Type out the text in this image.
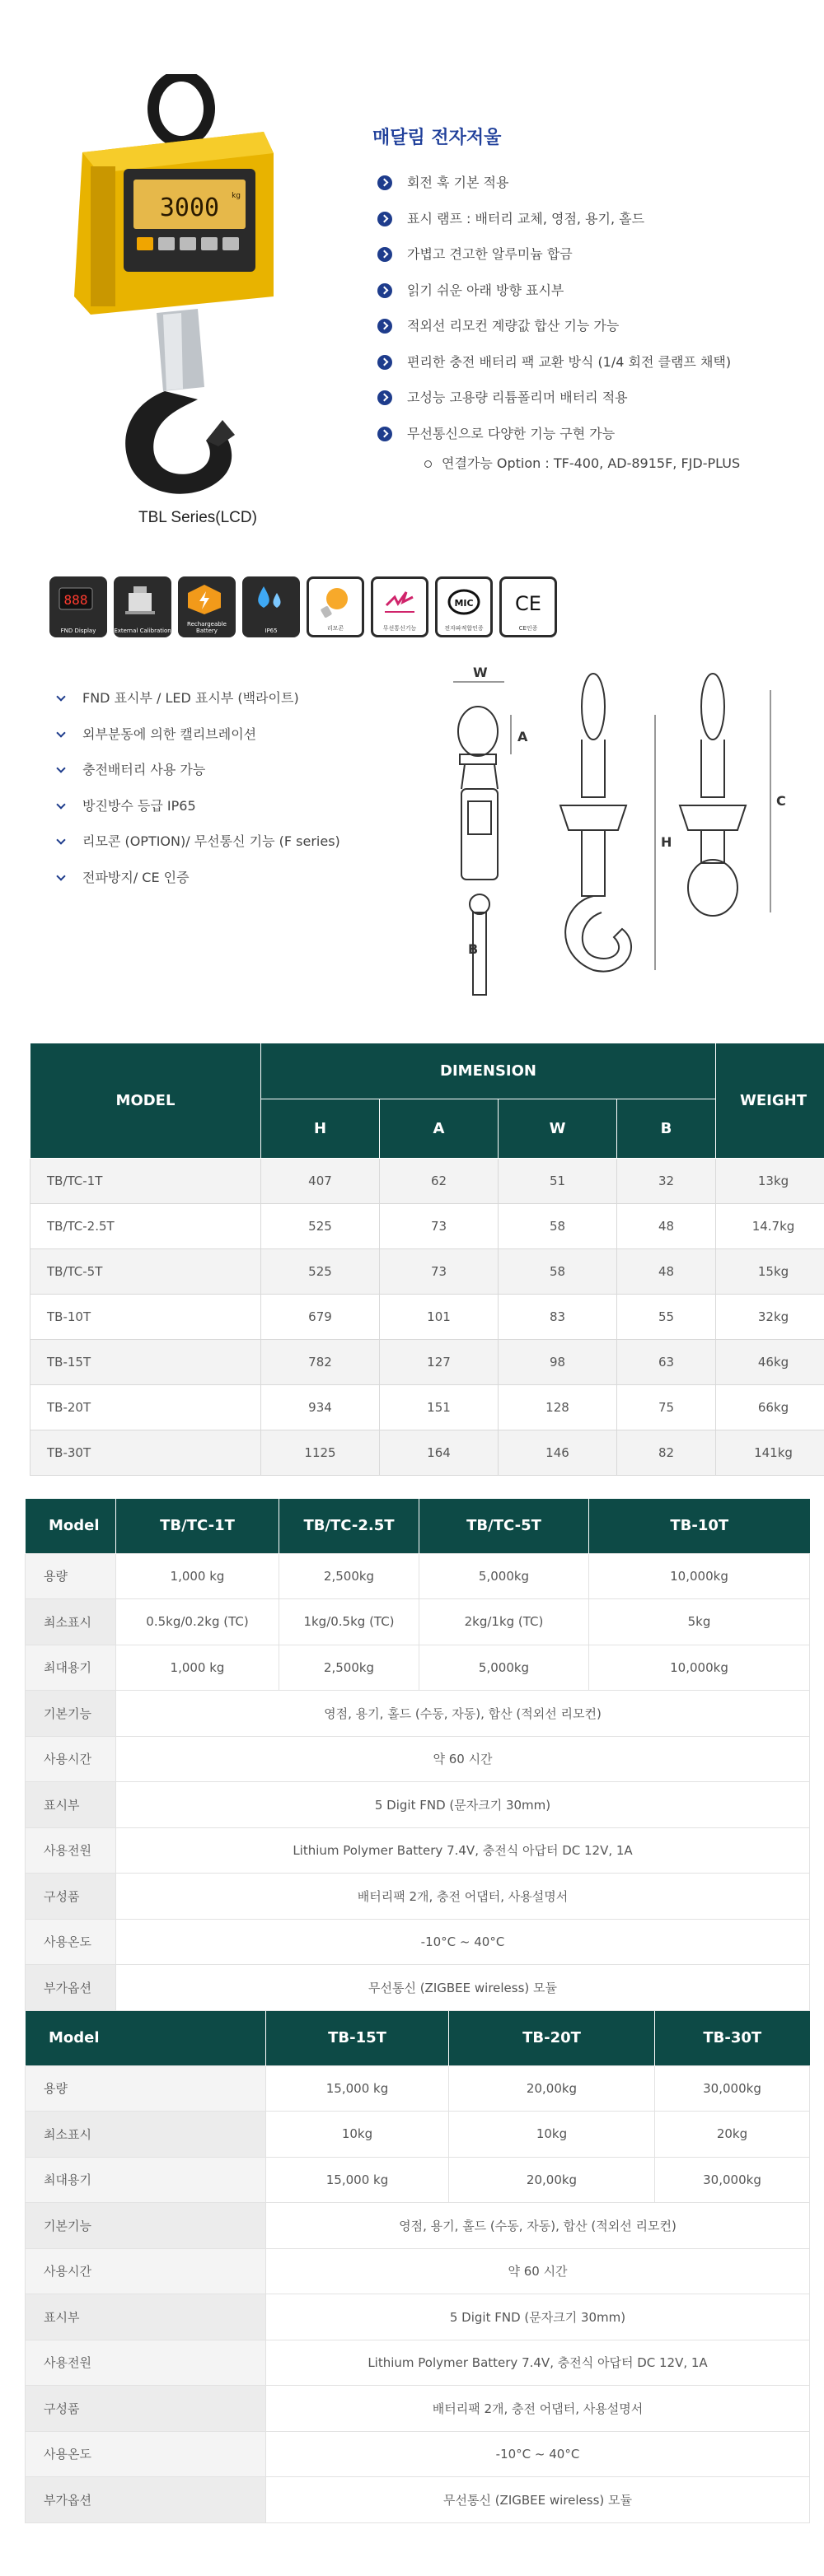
3000 kg
TBL Series(LCD)
매달림 전자저울
회전 훅 기본 적용
표시 램프 : 배터리 교체, 영점, 용기, 홀드
가볍고 견고한 알루미늄 합금
읽기 쉬운 아래 방향 표시부
적외선 리모컨 계량값 합산 기능 가능
편리한 충전 배터리 팩 교환 방식 (1/4 회전 클램프 채택)
고성능 고용량 리튬폴리머 배터리 적용
무선통신으로 다양한 기능 구현 가능
연결가능 Option : TF-400, AD-8915F, FJD-PLUS
888
FND Display	External Calibration
Rechargeable Battery	IP65	리모콘	무선통신기능
MIC
전자파적합인증
CE
CE인증
FND 표시부 / LED 표시부 (백라이트)
외부분동에 의한 캘리브레이션
충전배터리 사용 가능
방진방수 등급 IP65
리모콘 (OPTION)/ 무선통신 기능 (F series)
전파방지/ CE 인증
W
A
B
H
C
MODEL	DIMENSION				WEIGHT
	H	A	W	B	
TB/TC-1T	407	62	51	32	13kg
TB/TC-2.5T	525	73	58	48	14.7kg
TB/TC-5T	525	73	58	48	15kg
TB-10T	679	101	83	55	32kg
TB-15T	782	127	98	63	46kg
TB-20T	934	151	128	75	66kg
TB-30T	1125	164	146	82	141kg
Model	TB/TC-1T	TB/TC-2.5T	TB/TC-5T	TB-10T
용량	1,000 kg	2,500kg	5,000kg	10,000kg
최소표시	0.5kg/0.2kg (TC)	1kg/0.5kg (TC)	2kg/1kg (TC)	5kg
최대용기	1,000 kg	2,500kg	5,000kg	10,000kg
기본기능	영점, 용기, 홀드 (수동, 자동), 합산 (적외선 리모컨)			
사용시간	약 60 시간			
표시부	5 Digit FND (문자크기 30mm)			
사용전원	Lithium Polymer Battery 7.4V, 충전식 아답터 DC 12V, 1A			
구성품	배터리팩 2개, 충전 어댑터, 사용설명서			
사용온도	-10°C ~ 40°C			
부가옵션	무선통신 (ZIGBEE wireless) 모듈			
Model	TB-15T	TB-20T	TB-30T
용량	15,000 kg	20,00kg	30,000kg
최소표시	10kg	10kg	20kg
최대용기	15,000 kg	20,00kg	30,000kg
기본기능	영점, 용기, 홀드 (수동, 자동), 합산 (적외선 리모컨)		
사용시간	약 60 시간		
표시부	5 Digit FND (문자크기 30mm)		
사용전원	Lithium Polymer Battery 7.4V, 충전식 아답터 DC 12V, 1A		
구성품	배터리팩 2개, 충전 어댑터, 사용설명서		
사용온도	-10°C ~ 40°C		
부가옵션	무선통신 (ZIGBEE wireless) 모듈		
